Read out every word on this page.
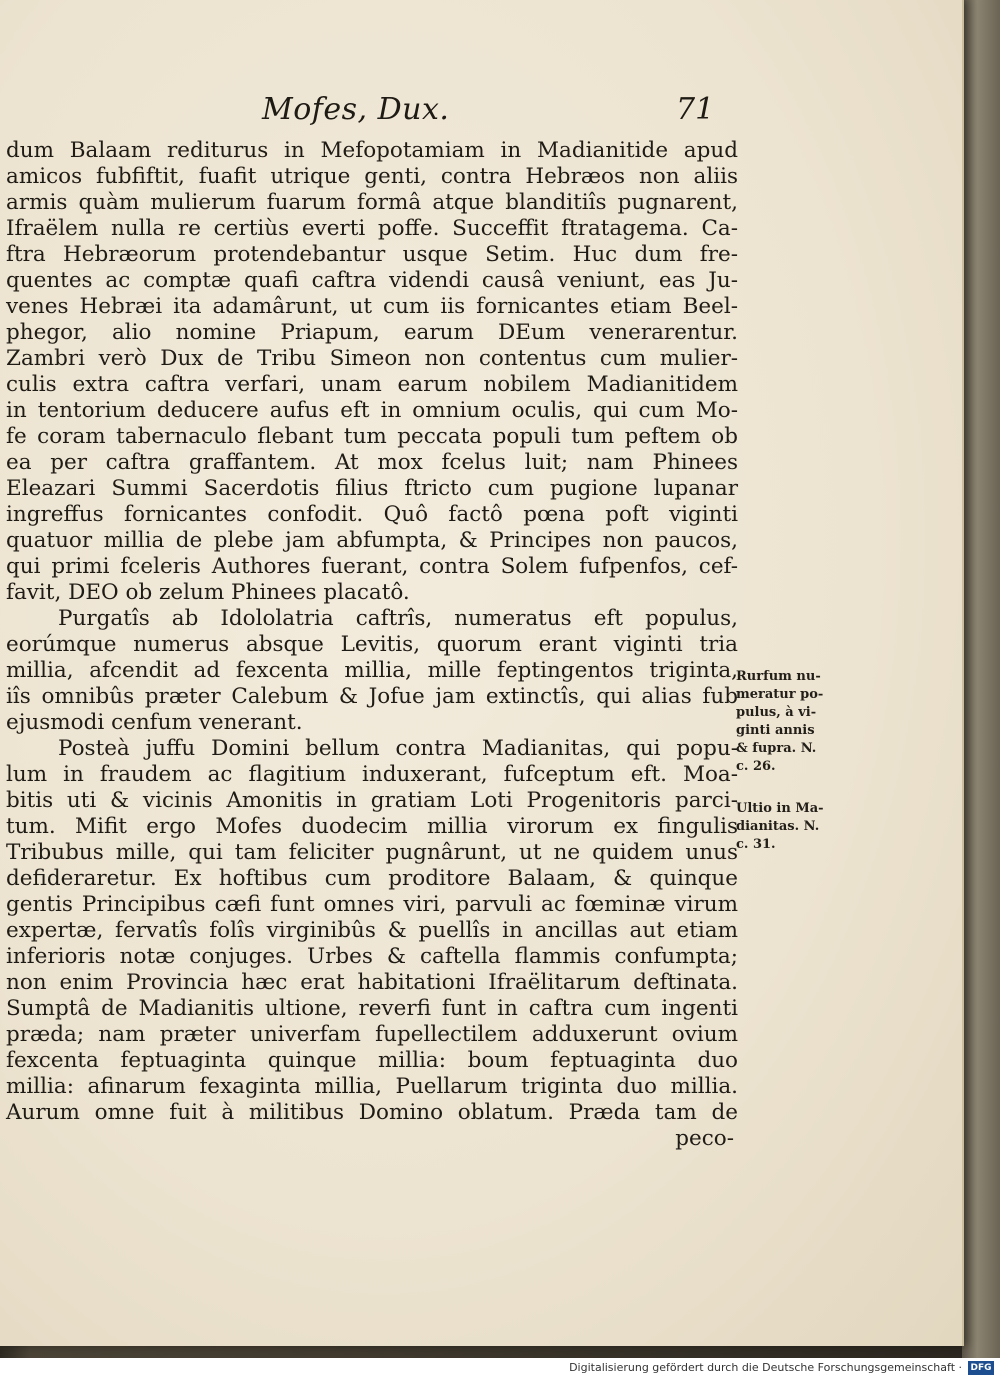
Mofes, Dux.	71
dum Balaam rediturus in Mefopotamiam in Madianitide apud
amicos fubfiftit, fuafit utrique genti, contra Hebræos non aliis
armis quàm mulierum fuarum formâ atque blanditiîs pugnarent,
Ifraëlem nulla re certiùs everti poffe. Succeffit ftratagema. Ca-
ftra Hebræorum protendebantur usque Setim. Huc dum fre-
quentes ac comptæ quafi caftra videndi causâ veniunt, eas Ju-
venes Hebræi ita adamârunt, ut cum iis fornicantes etiam Beel-
phegor, alio nomine Priapum, earum DEum venerarentur.
Zambri verò Dux de Tribu Simeon non contentus cum mulier-
culis extra caftra verfari, unam earum nobilem Madianitidem
in tentorium deducere aufus eft in omnium oculis, qui cum Mo-
fe coram tabernaculo flebant tum peccata populi tum peftem ob
ea per caftra graffantem. At mox fcelus luit; nam Phinees
Eleazari Summi Sacerdotis filius ftricto cum pugione lupanar
ingreffus fornicantes confodit. Quô factô pœna poft viginti
quatuor millia de plebe jam abfumpta, & Principes non paucos,
qui primi fceleris Authores fuerant, contra Solem fufpenfos, cef-
favit, DEO ob zelum Phinees placatô.
Purgatîs ab Idololatria caftrîs, numeratus eft populus,
eorúmque numerus absque Levitis, quorum erant viginti tria
millia, afcendit ad fexcenta millia, mille feptingentos triginta,
iîs omnibûs præter Calebum & Jofue jam extinctîs, qui alias fub
ejusmodi cenfum venerant.
Posteà juffu Domini bellum contra Madianitas, qui popu-
lum in fraudem ac flagitium induxerant, fufceptum eft. Moa-
bitis uti & vicinis Amonitis in gratiam Loti Progenitoris parci-
tum. Mifit ergo Mofes duodecim millia virorum ex fingulis
Tribubus mille, qui tam feliciter pugnârunt, ut ne quidem unus
defideraretur. Ex hoftibus cum proditore Balaam, & quinque
gentis Principibus cæfi funt omnes viri, parvuli ac fœminæ virum
expertæ, fervatîs folîs virginibûs & puellîs in ancillas aut etiam
inferioris notæ conjuges. Urbes & caftella flammis confumpta;
non enim Provincia hæc erat habitationi Ifraëlitarum deftinata.
Sumptâ de Madianitis ultione, reverfi funt in caftra cum ingenti
præda; nam præter univerfam fupellectilem adduxerunt ovium
fexcenta feptuaginta quinque millia: boum feptuaginta duo
millia: afinarum fexaginta millia, Puellarum triginta duo millia.
Aurum omne fuit à militibus Domino oblatum. Præda tam de
peco-
Rurfum nu-
meratur po-
pulus, à vi-
ginti annis
& fupra. N.
c. 26.
Ultio in Ma-
dianitas. N.
c. 31.
Digitalisierung gefördert durch die Deutsche Forschungsgemeinschaft · DFG
